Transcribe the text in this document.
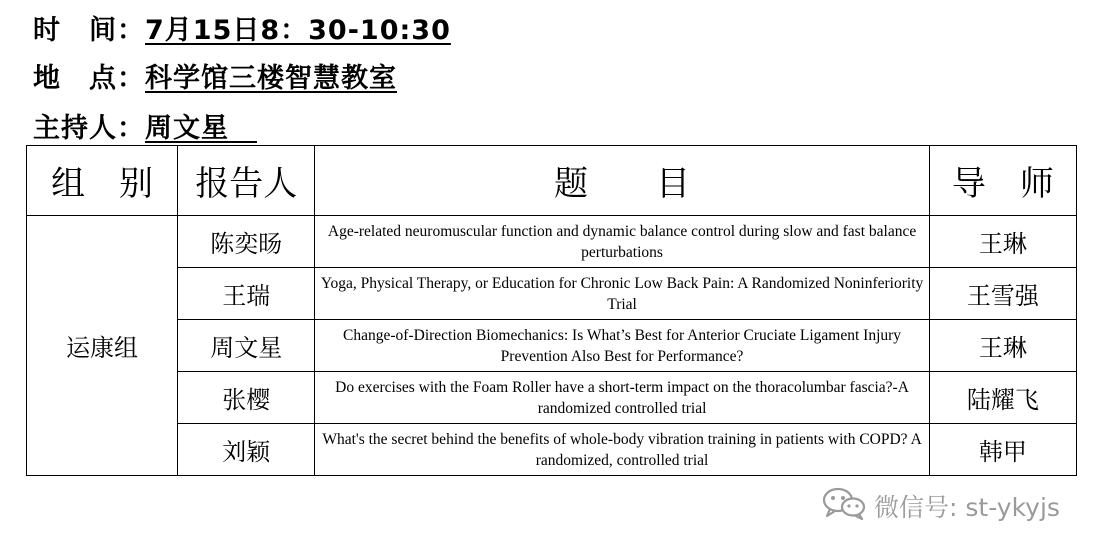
时　间：7月15日8：30-10:30
地　点：科学馆三楼智慧教室
主持人：周文星　
组　别	报告人	题　　目	导　师
运康组	陈奕旸	Age-related neuromuscular function and dynamic balance control during slow and fast balance perturbations	王琳
	王瑞	Yoga, Physical Therapy, or Education for Chronic Low Back Pain: A Randomized Noninferiority Trial	王雪强
	周文星	Change-of-Direction Biomechanics: Is What’s Best for Anterior Cruciate Ligament Injury Prevention Also Best for Performance?	王琳
	张樱	Do exercises with the Foam Roller have a short-term impact on the thoracolumbar fascia?-A randomized controlled trial	陆耀飞
	刘颖	What's the secret behind the benefits of whole-body vibration training in patients with COPD? A randomized, controlled trial	韩甲
微信号: st-ykyjs
